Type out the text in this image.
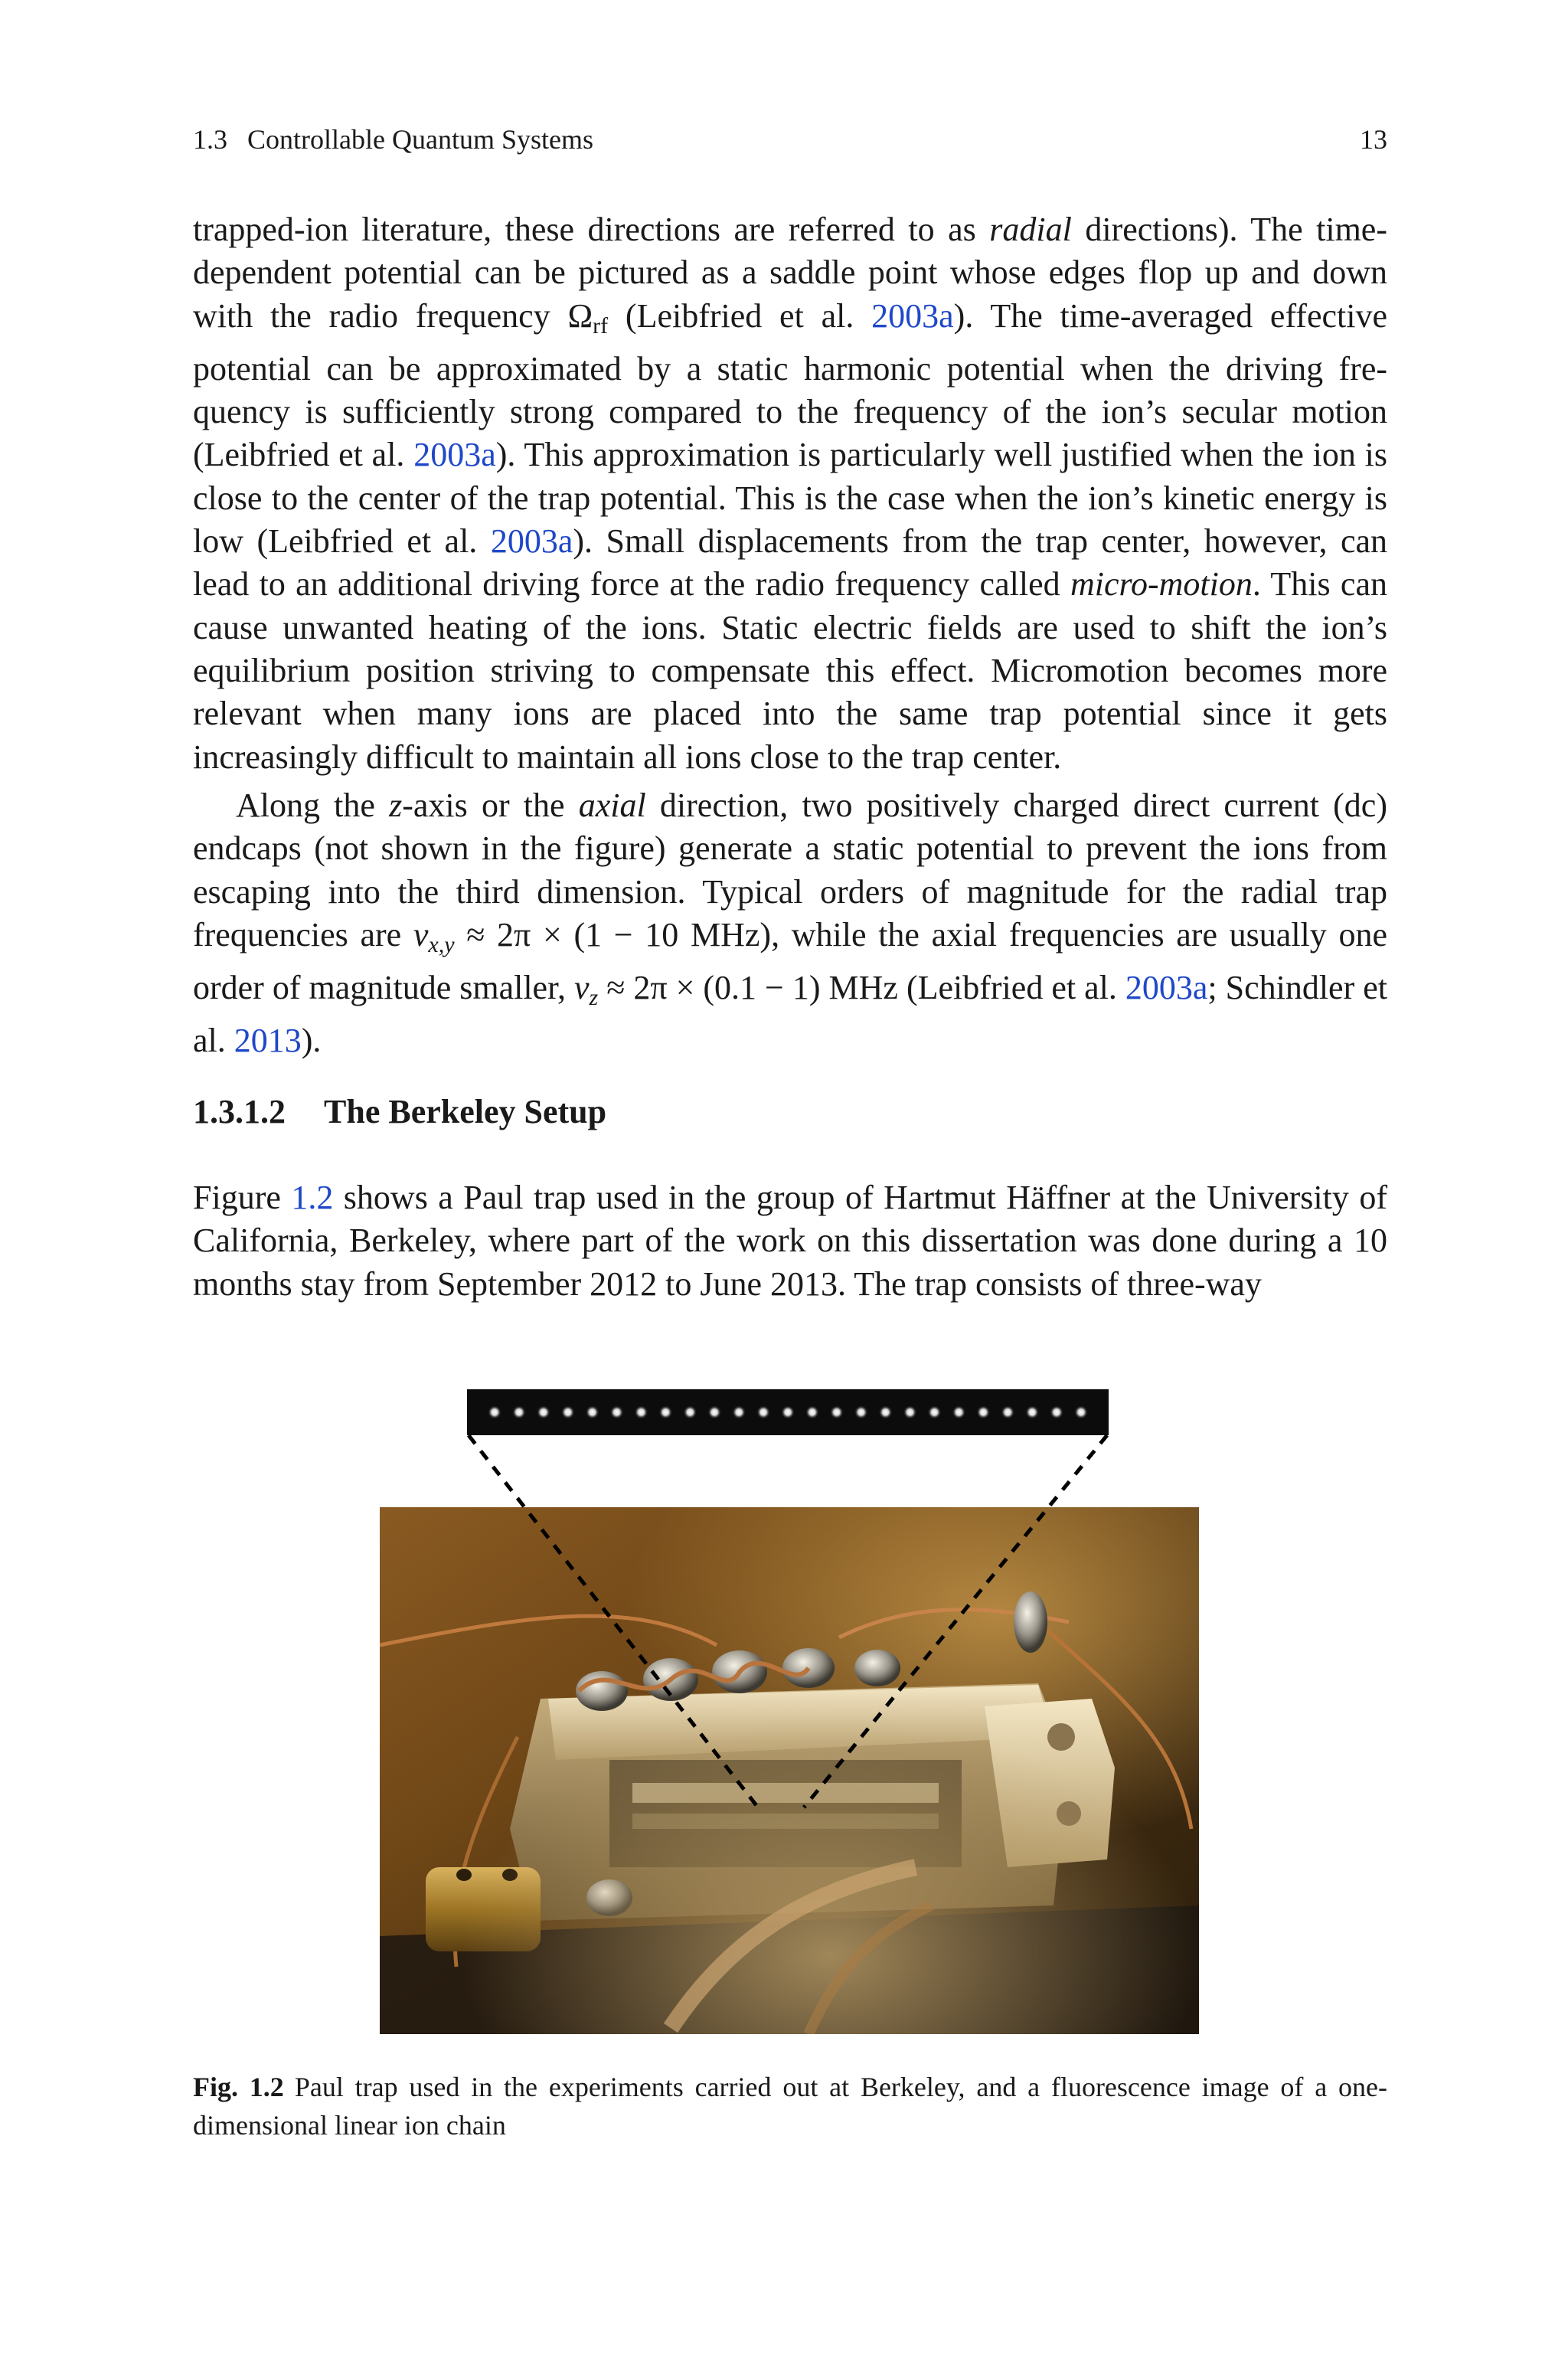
1.3 Controllable Quantum Systems	13

trapped-ion literature, these directions are referred to as radial directions). The time-dependent potential can be pictured as a saddle point whose edges flop up and down with the radio frequency Ωrf (Leibfried et al. 2003a). The time-averaged effective potential can be approximated by a static harmonic potential when the driving fre-quency is sufficiently strong compared to the frequency of the ion’s secular motion (Leibfried et al. 2003a). This approximation is particularly well justified when the ion is close to the center of the trap potential. This is the case when the ion’s kinetic energy is low (Leibfried et al. 2003a). Small displacements from the trap center, however, can lead to an additional driving force at the radio frequency called micro-motion. This can cause unwanted heating of the ions. Static electric fields are used to shift the ion’s equilibrium position striving to compensate this effect. Micromotion becomes more relevant when many ions are placed into the same trap potential since it gets increasingly difficult to maintain all ions close to the trap center.

Along the z-axis or the axial direction, two positively charged direct current (dc) endcaps (not shown in the figure) generate a static potential to prevent the ions from escaping into the third dimension. Typical orders of magnitude for the radial trap frequencies are $\nu_{x,y} \approx 2\pi \times (1 - 10$ MHz), while the axial frequencies are usually one order of magnitude smaller, $\nu_z \approx 2\pi \times (0.1 - 1)$ MHz (Leibfried et al. 2003a; Schindler et al. 2013).

1.3.1.2 The Berkeley Setup

Figure 1.2 shows a Paul trap used in the group of Hartmut Häffner at the University of California, Berkeley, where part of the work on this dissertation was done during a 10 months stay from September 2012 to June 2013. The trap consists of three-way

Fig. 1.2 Paul trap used in the experiments carried out at Berkeley, and a fluorescence image of a one-dimensional linear ion chain
